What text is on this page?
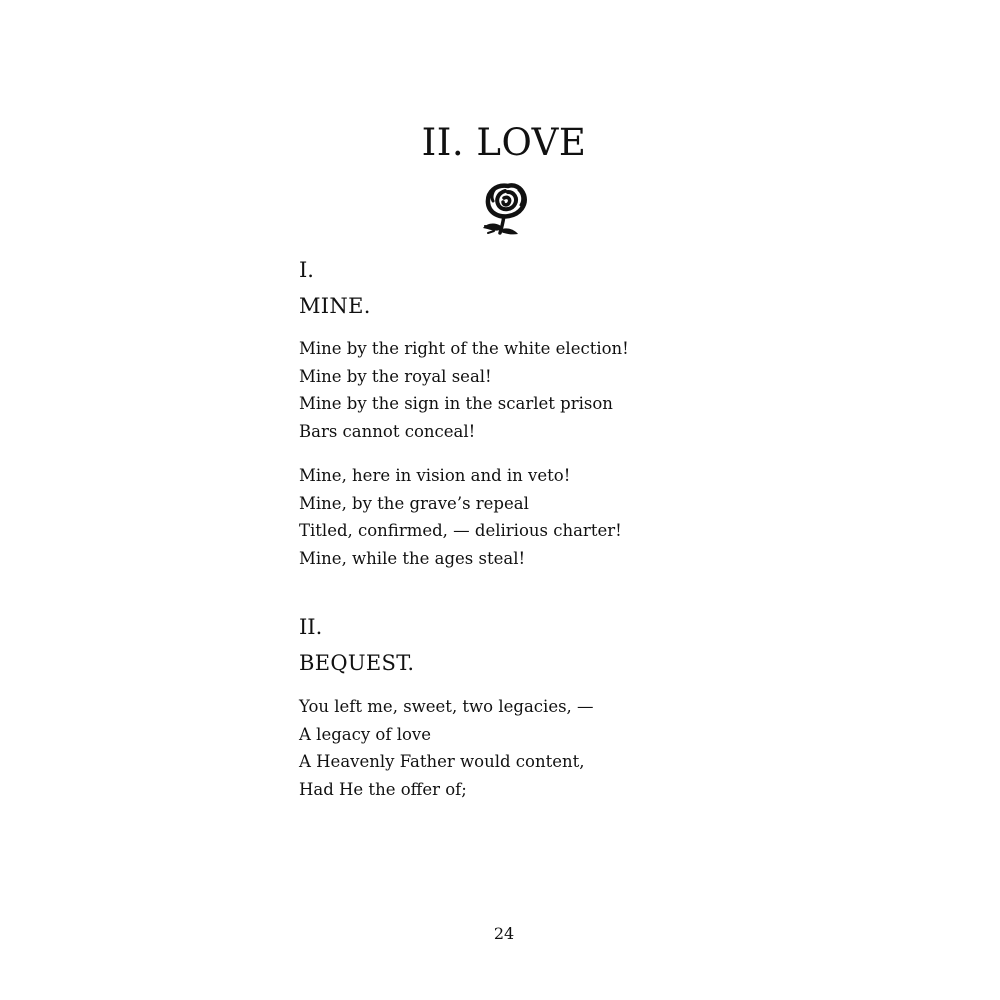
II. LOVE
I.
MINE.
Mine by the right of the white election!
Mine by the royal seal!
Mine by the sign in the scarlet prison
Bars cannot conceal!
Mine, here in vision and in veto!
Mine, by the grave’s repeal
Titled, confirmed, — delirious charter!
Mine, while the ages steal!
II.
BEQUEST.
You left me, sweet, two legacies, —
A legacy of love
A Heavenly Father would content,
Had He the offer of;
24
